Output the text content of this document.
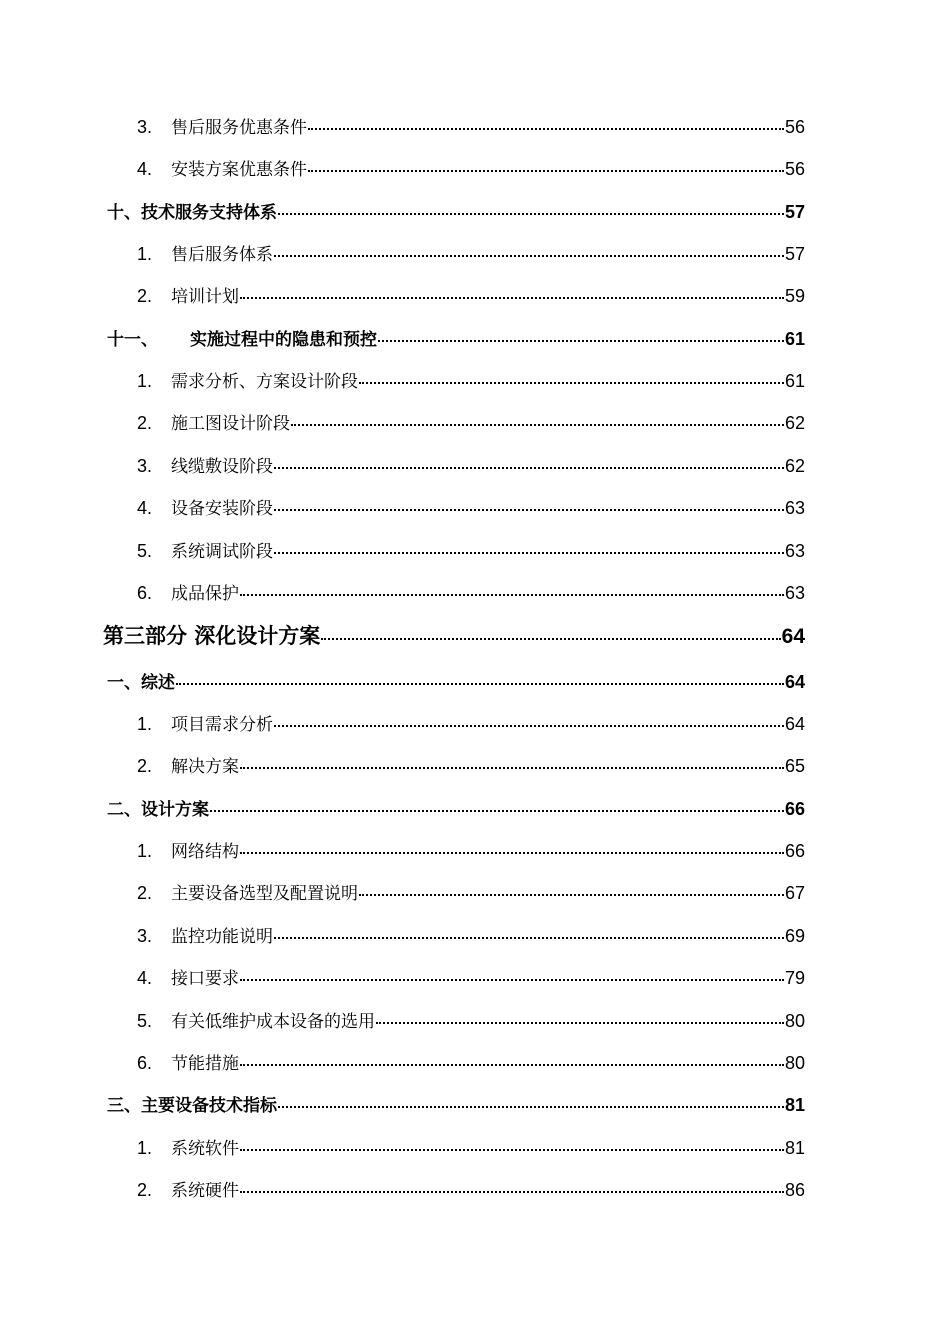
3.	售后服务优惠条件	56
4.	安装方案优惠条件	56
十、技术服务支持体系	57
1.	售后服务体系	57
2.	培训计划	59
十一、 实施过程中的隐患和预控	61
1.	需求分析、方案设计阶段	61
2.	施工图设计阶段	62
3.	线缆敷设阶段	62
4.	设备安装阶段	63
5.	系统调试阶段	63
6.	成品保护	63
第三部分 深化设计方案	64
一、综述	64
1.	项目需求分析	64
2.	解决方案	65
二、设计方案	66
1.	网络结构	66
2.	主要设备选型及配置说明	67
3.	监控功能说明	69
4.	接口要求	79
5.	有关低维护成本设备的选用	80
6.	节能措施	80
三、主要设备技术指标	81
1.	系统软件	81
2.	系统硬件	86
